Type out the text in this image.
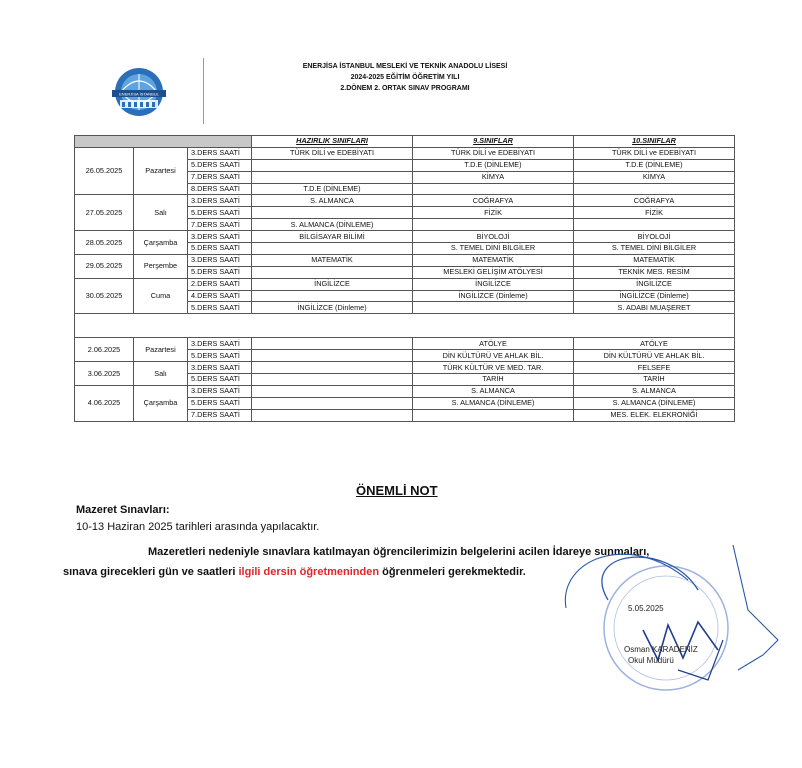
ENERJİSA İSTANBUL
ENERJİSA İSTANBUL MESLEKİ VE TEKNİK ANADOLU LİSESİ
2024-2025 EĞİTİM ÖĞRETİM YILI
2.DÖNEM 2. ORTAK SINAV PROGRAMI
			HAZIRLIK SINIFLARI	9.SINIFLAR	10.SINIFLAR
26.05.2025	Pazartesi	3.DERS SAATİ	TÜRK DİLİ ve EDEBİYATI	TÜRK DİLİ ve EDEBİYATI	TÜRK DİLİ ve EDEBİYATI
		5.DERS SAATİ		T.D.E (DİNLEME)	T.D.E (DİNLEME)
		7.DERS SAATİ		KİMYA	KİMYA
		8.DERS SAATİ	T.D.E (DİNLEME)		
27.05.2025	Salı	3.DERS SAATİ	S. ALMANCA	COĞRAFYA	COĞRAFYA
		5.DERS SAATİ		FİZİK	FİZİK
		7.DERS SAATİ	S. ALMANCA (DİNLEME)		
28.05.2025	Çarşamba	3.DERS SAATİ	BİLGİSAYAR BİLİMİ	BİYOLOJİ	BİYOLOJİ
		5.DERS SAATİ		S. TEMEL DİNİ BİLGİLER	S. TEMEL DİNİ BİLGİLER
29.05.2025	Perşembe	3.DERS SAATİ	MATEMATİK	MATEMATİK	MATEMATİK
		5.DERS SAATİ		MESLEKİ GELİŞİM ATÖLYESİ	TEKNİK MES. RESİM
30.05.2025	Cuma	2.DERS SAATİ	İNGİLİZCE	İNGİLİZCE	İNGİLİZCE
		4.DERS SAATİ		İNGİLİZCE (Dinleme)	İNGİLİZCE (Dinleme)
		5.DERS SAATİ	İNGİLİZCE (Dinleme)		S. ADABI MUAŞERET

2.06.2025	Pazartesi	3.DERS SAATİ		ATÖLYE	ATÖLYE
		5.DERS SAATİ		DİN KÜLTÜRÜ VE AHLAK BİL.	DİN KÜLTÜRÜ VE AHLAK BİL.
3.06.2025	Salı	3.DERS SAATİ		TÜRK KÜLTÜR VE MED. TAR.	FELSEFE
		5.DERS SAATİ		TARİH	TARİH
4.06.2025	Çarşamba	3.DERS SAATİ		S. ALMANCA	S. ALMANCA
		5.DERS SAATİ		S. ALMANCA (DİNLEME)	S. ALMANCA (DİNLEME)
		7.DERS SAATİ			MES. ELEK. ELEKRONİĞİ
ÖNEMLİ NOT
Mazeret Sınavları:
10-13 Haziran 2025 tarihleri arasında yapılacaktır.
Mazeretleri nedeniyle sınavlara katılmayan öğrencilerimizin belgelerini acilen İdareye sunmaları,
sınava girecekleri gün ve saatleri ilgili dersin öğretmeninden öğrenmeleri gerekmektedir.
5.05.2025
Osman KARADENİZ
Okul Müdürü
